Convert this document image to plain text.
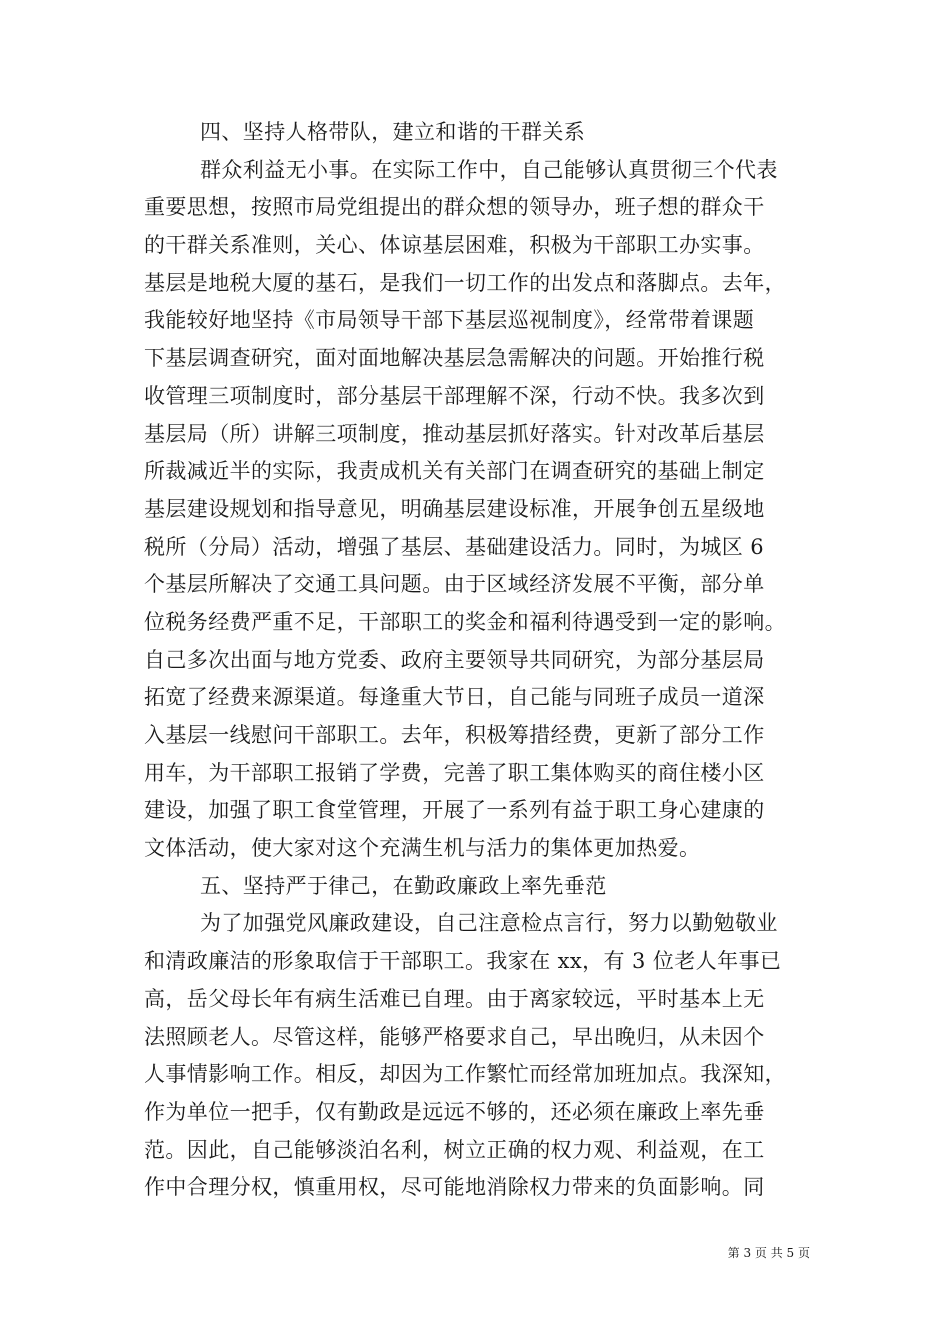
四、坚持人格带队，建立和谐的干群关系
群众利益无小事。在实际工作中，自己能够认真贯彻三个代表
重要思想，按照市局党组提出的群众想的领导办，班子想的群众干
的干群关系准则，关心、体谅基层困难，积极为干部职工办实事。
基层是地税大厦的基石，是我们一切工作的出发点和落脚点。去年，
我能较好地坚持《市局领导干部下基层巡视制度》，经常带着课题
下基层调查研究，面对面地解决基层急需解决的问题。开始推行税
收管理三项制度时，部分基层干部理解不深，行动不快。我多次到
基层局（所）讲解三项制度，推动基层抓好落实。针对改革后基层
所裁减近半的实际，我责成机关有关部门在调查研究的基础上制定
基层建设规划和指导意见，明确基层建设标准，开展争创五星级地
税所（分局）活动，增强了基层、基础建设活力。同时，为城区 6
个基层所解决了交通工具问题。由于区域经济发展不平衡，部分单
位税务经费严重不足，干部职工的奖金和福利待遇受到一定的影响。
自己多次出面与地方党委、政府主要领导共同研究，为部分基层局
拓宽了经费来源渠道。每逢重大节日，自己能与同班子成员一道深
入基层一线慰问干部职工。去年，积极筹措经费，更新了部分工作
用车，为干部职工报销了学费，完善了职工集体购买的商住楼小区
建设，加强了职工食堂管理，开展了一系列有益于职工身心建康的
文体活动，使大家对这个充满生机与活力的集体更加热爱。
五、坚持严于律己，在勤政廉政上率先垂范
为了加强党风廉政建设，自己注意检点言行，努力以勤勉敬业
和清政廉洁的形象取信于干部职工。我家在 xx，有 3 位老人年事已
高，岳父母长年有病生活难已自理。由于离家较远，平时基本上无
法照顾老人。尽管这样，能够严格要求自己，早出晚归，从未因个
人事情影响工作。相反，却因为工作繁忙而经常加班加点。我深知，
作为单位一把手，仅有勤政是远远不够的，还必须在廉政上率先垂
范。因此，自己能够淡泊名利，树立正确的权力观、利益观，在工
作中合理分权，慎重用权，尽可能地消除权力带来的负面影响。同
第 3 页 共 5 页
